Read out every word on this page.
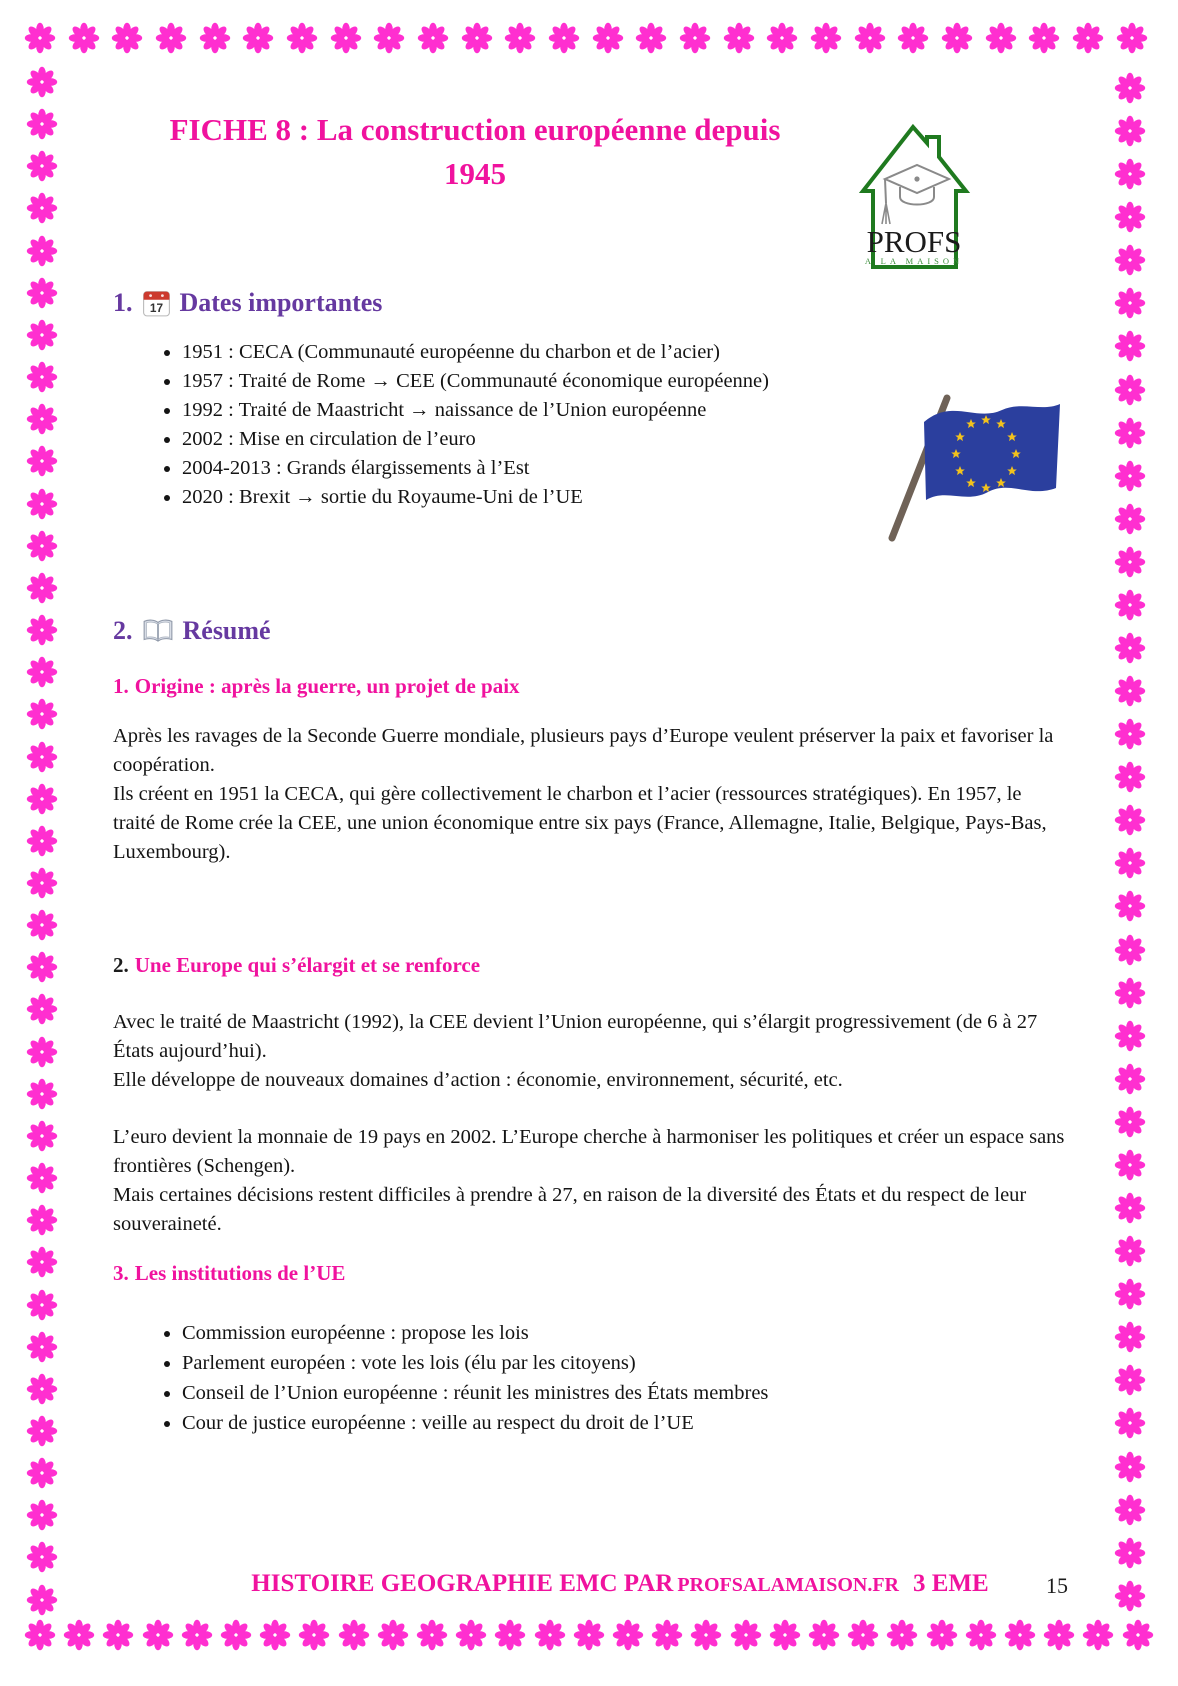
FICHE 8 : La construction européenne depuis
1945
PROFS
A LA MAISON
1. 17 Dates importantes
• 1951 : CECA (Communauté européenne du charbon et de l’acier)
• 1957 : Traité de Rome → CEE (Communauté économique européenne)
• 1992 : Traité de Maastricht → naissance de l’Union européenne
• 2002 : Mise en circulation de l’euro
• 2004-2013 : Grands élargissements à l’Est
• 2020 : Brexit → sortie du Royaume-Uni de l’UE
2. Résumé
1. Origine : après la guerre, un projet de paix

Après les ravages de la Seconde Guerre mondiale, plusieurs pays d’Europe veulent préserver la paix et favoriser la coopération.

Ils créent en 1951 la CECA, qui gère collectivement le charbon et l’acier (ressources stratégiques). En 1957, le traité de Rome crée la CEE, une union économique entre six pays (France, Allemagne, Italie, Belgique, Pays-Bas, Luxembourg).

2. Une Europe qui s’élargit et se renforce

Avec le traité de Maastricht (1992), la CEE devient l’Union européenne, qui s’élargit progressivement (de 6 à 27 États aujourd’hui).

Elle développe de nouveaux domaines d’action : économie, environnement, sécurité, etc.

L’euro devient la monnaie de 19 pays en 2002. L’Europe cherche à harmoniser les politiques et créer un espace sans frontières (Schengen).

Mais certaines décisions restent difficiles à prendre à 27, en raison de la diversité des États et du respect de leur souveraineté.

3. Les institutions de l’UE
• Commission européenne : propose les lois
• Parlement européen : vote les lois (élu par les citoyens)
• Conseil de l’Union européenne : réunit les ministres des États membres
• Cour de justice européenne : veille au respect du droit de l’UE
HISTOIRE GEOGRAPHIE EMC PAR PROFSALAMAISON.FR 3 EME	15
